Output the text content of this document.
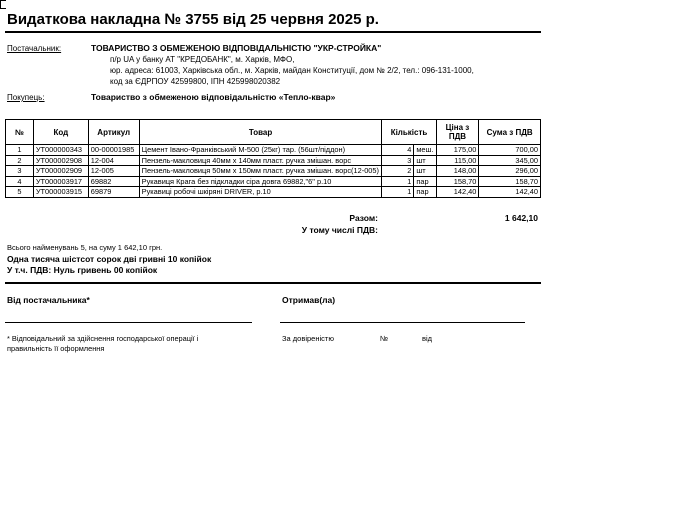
Видаткова накладна № 3755 від 25 червня 2025 р.
Постачальник:	ТОВАРИСТВО З ОБМЕЖЕНОЮ ВІДПОВІДАЛЬНІСТЮ "УКР-СТРОЙКА"
п/р UA у банку АТ "КРЕДОБАНК", м. Харків, МФО,
юр. адреса: 61003, Харківська обл., м. Харків, майдан Конституції, дом № 2/2, тел.: 096-131-1000,
код за ЄДРПОУ 42599800, ІПН 425998020382
Покупець:	Товариство з обмеженою відповідальністю «Тепло-квар»
№	Код	Артикул	Товар	Кількість		Ціна з ПДВ	Сума з ПДВ
1	УТ000000343	00-00001985	Цемент Івано-Франківський М-500 (25кг) тар. (56шт/піддон)	4	меш.	175,00	700,00
2	УТ000002908	12-004	Пензель-макловиця 40мм х 140мм пласт. ручка змішан. ворс	3	шт	115,00	345,00
3	УТ000002909	12-005	Пензель-макловиця 50мм х 150мм пласт. ручка змішан. ворс(12-005)	2	шт	148,00	296,00
4	УТ000003917	69882	Рукавиця Крага без підкладки сіра довга 69882,"6" р.10	1	пар	158,70	158,70
5	УТ000003915	69879	Рукавиці робочі шкіряні DRIVER, р.10	1	пар	142,40	142,40
Разом:	1 642,10
У тому числі ПДВ:
Всього найменувань 5, на суму 1 642,10 грн.
Одна тисяча шістсот сорок дві гривні 10 копійок
У т.ч. ПДВ: Нуль гривень 00 копійок
Від постачальника*	Отримав(ла)
* Відповідальний за здійснення господарської операції і правильність її оформлення
За довіреністю	№	від
